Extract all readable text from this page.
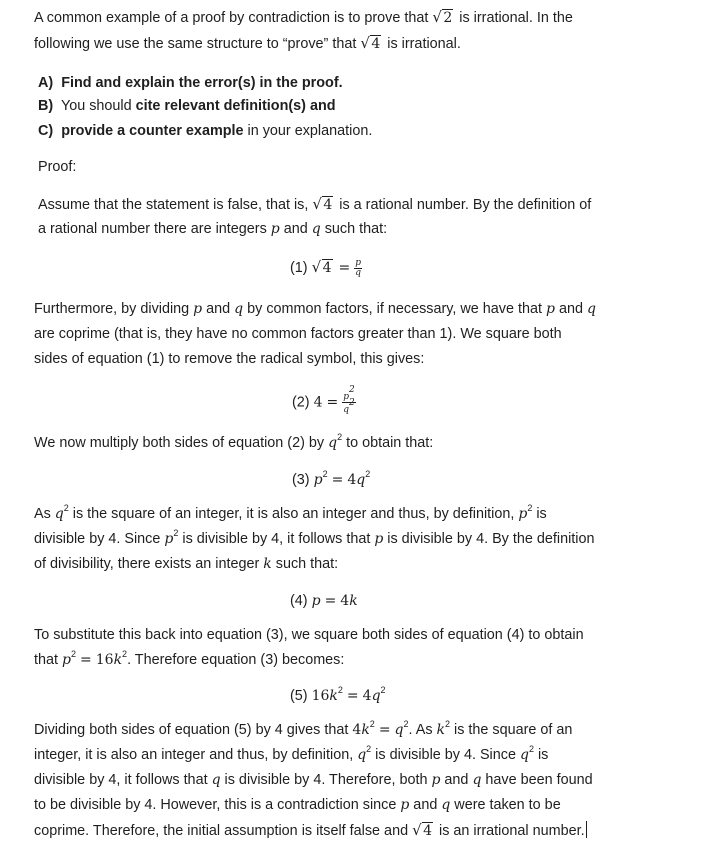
A common example of a proof by contradiction is to prove that √ 2 is irrational. In the
following we use the same structure to “prove” that √ 4 is irrational.
A) Find and explain the error(s) in the proof.
B) You should cite relevant definition(s) and
C) provide a counter example in your explanation.
Proof:
Assume that the statement is false, that is, √ 4 is a rational number. By the definition of
a rational number there are integers p and q such that:
(1) √ $4 = \frac{p}{q}$
Furthermore, by dividing p and q by common factors, if necessary, we have that p and q
are coprime (that is, they have no common factors greater than 1). We square both
sides of equation (1) to remove the radical symbol, this gives:
(2) $4 = \frac{p^2}{q^2}$
We now multiply both sides of equation (2) by $q^2$ to obtain that:
(3) $p^2 = 4q^2$
As $q^2$ is the square of an integer, it is also an integer and thus, by definition, $p^2$ is
divisible by 4. Since $p^2$ is divisible by 4, it follows that p is divisible by 4. By the definition
of divisibility, there exists an integer k such that:
(4) p = 4k
To substitute this back into equation (3), we square both sides of equation (4) to obtain
that $p^2 = 16k^2$. Therefore equation (3) becomes:
(5) $16k^2 = 4q^2$
Dividing both sides of equation (5) by 4 gives that $4k^2 = q^2$. As $k^2$ is the square of an
integer, it is also an integer and thus, by definition, $q^2$ is divisible by 4. Since $q^2$ is
divisible by 4, it follows that q is divisible by 4. Therefore, both p and q have been found
to be divisible by 4. However, this is a contradiction since p and q were taken to be
coprime. Therefore, the initial assumption is itself false and √ 4 is an irrational number.
